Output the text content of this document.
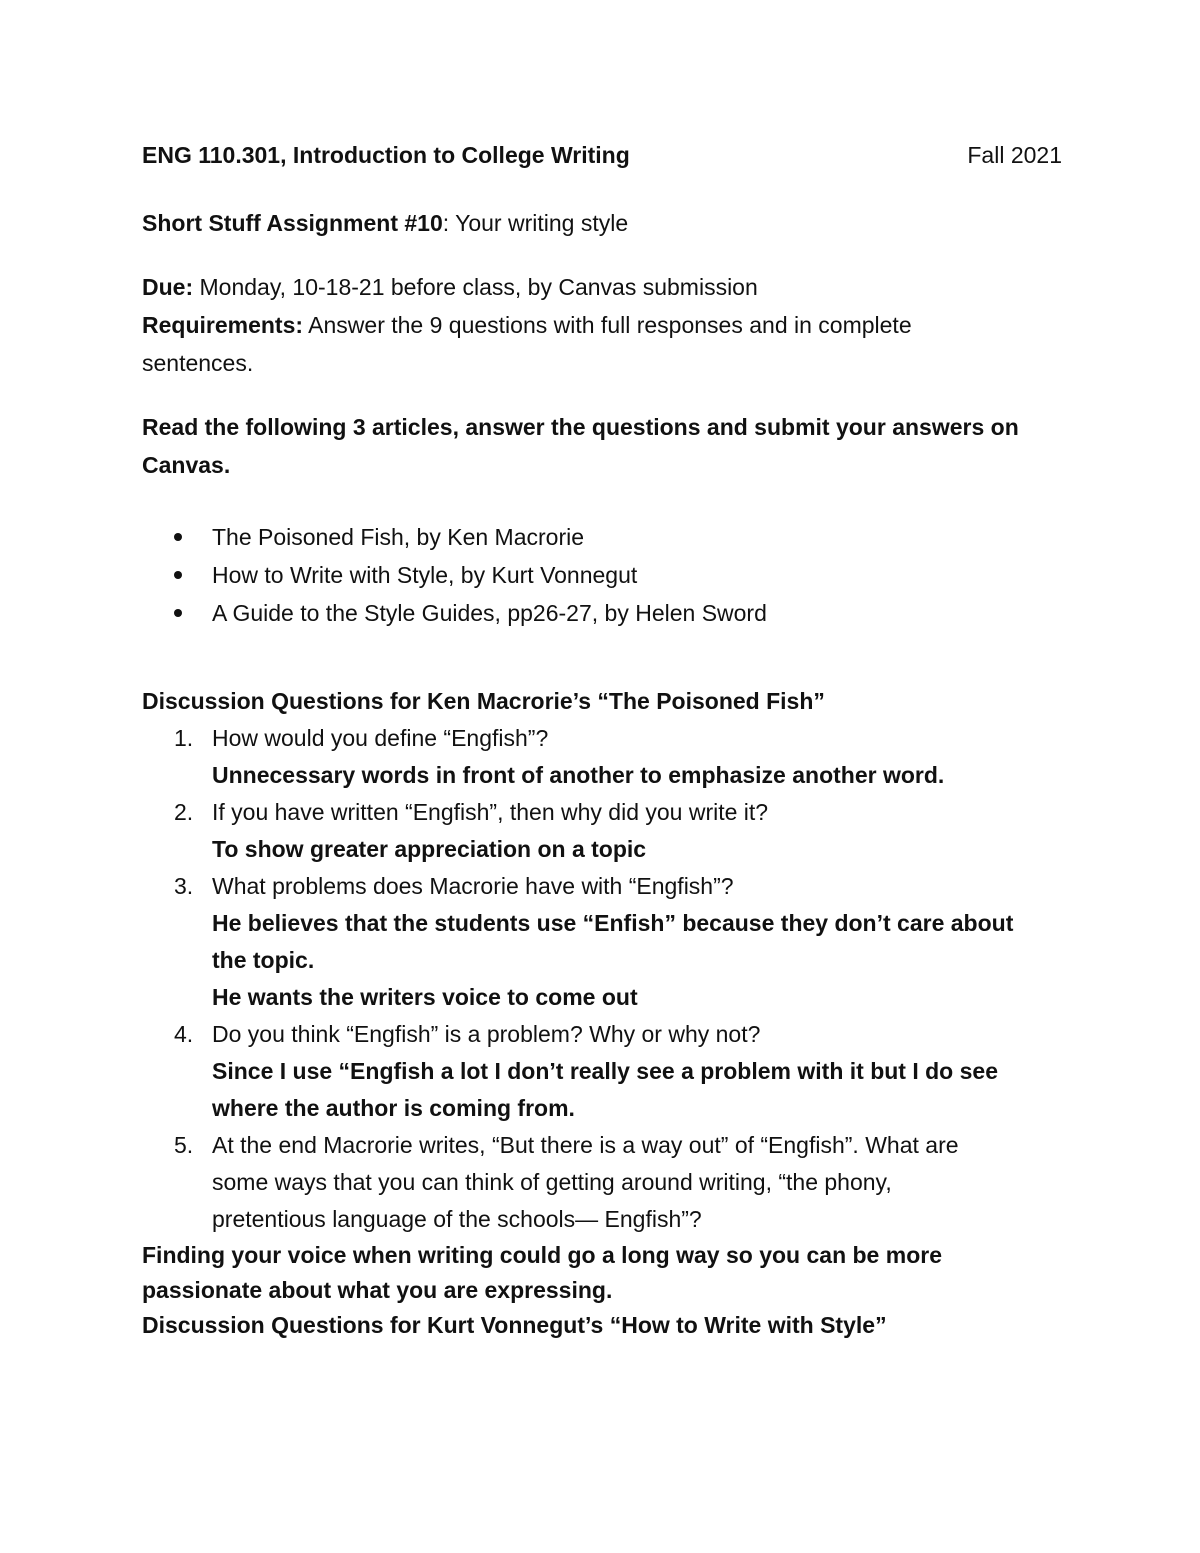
ENG 110.301, Introduction to College Writing	Fall 2021
Short Stuff Assignment #10: Your writing style
Due: Monday, 10-18-21 before class, by Canvas submission
Requirements: Answer the 9 questions with full responses and in complete
sentences.
Read the following 3 articles, answer the questions and submit your answers on
Canvas.
The Poisoned Fish, by Ken Macrorie
How to Write with Style, by Kurt Vonnegut
A Guide to the Style Guides, pp26-27, by Helen Sword
Discussion Questions for Ken Macrorie’s “The Poisoned Fish”
1. How would you define “Engfish”?
Unnecessary words in front of another to emphasize another word.
2. If you have written “Engfish”, then why did you write it?
To show greater appreciation on a topic
3. What problems does Macrorie have with “Engfish”?
He believes that the students use “Enfish” because they don’t care about
the topic.
He wants the writers voice to come out
4. Do you think “Engfish” is a problem? Why or why not?
Since I use “Engfish a lot I don’t really see a problem with it but I do see
where the author is coming from.
5. At the end Macrorie writes, “But there is a way out” of “Engfish”. What are
some ways that you can think of getting around writing, “the phony,
pretentious language of the schools— Engfish”?
Finding your voice when writing could go a long way so you can be more
passionate about what you are expressing.
Discussion Questions for Kurt Vonnegut’s “How to Write with Style”
